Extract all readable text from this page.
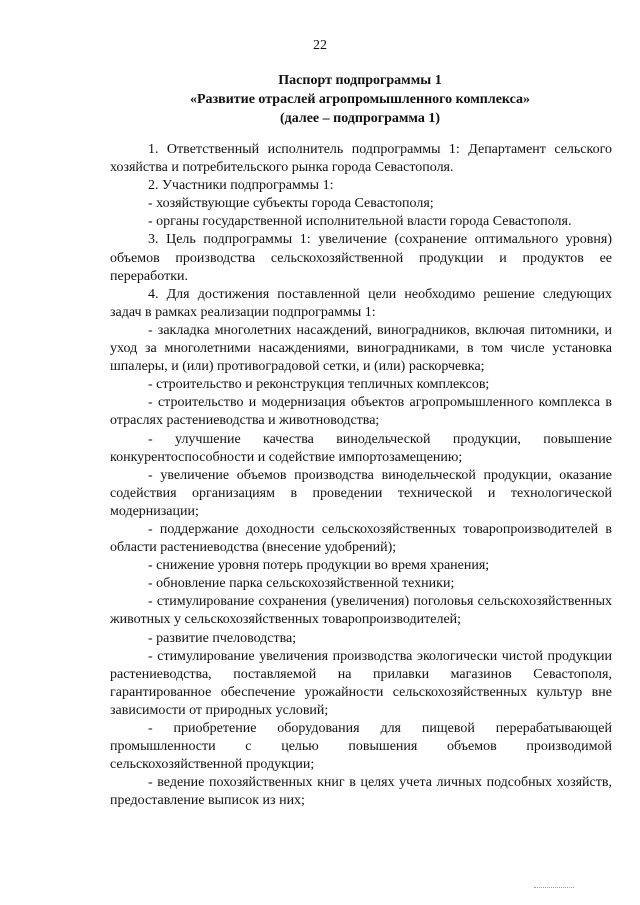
22
Паспорт подпрограммы 1
«Развитие отраслей агропромышленного комплекса»
(далее – подпрограмма 1)

1. Ответственный исполнитель подпрограммы 1: Департамент сельского хозяйства и потребительского рынка города Севастополя.

2. Участники подпрограммы 1:

- хозяйствующие субъекты города Севастополя;

- органы государственной исполнительной власти города Севастополя.

3. Цель подпрограммы 1: увеличение (сохранение оптимального уровня) объемов производства сельскохозяйственной продукции и продуктов ее переработки.

4. Для достижения поставленной цели необходимо решение следующих задач в рамках реализации подпрограммы 1:

- закладка многолетних насаждений, виноградников, включая питомники, и уход за многолетними насаждениями, виноградниками, в том числе установка шпалеры, и (или) противоградовой сетки, и (или) раскорчевка;

- строительство и реконструкция тепличных комплексов;

- строительство и модернизация объектов агропромышленного комплекса в отраслях растениеводства и животноводства;

- улучшение качества винодельческой продукции, повышение конкурентоспособности и содействие импортозамещению;

- увеличение объемов производства винодельческой продукции, оказание содействия организациям в проведении технической и технологической модернизации;

- поддержание доходности сельскохозяйственных товаропроизводителей в области растениеводства (внесение удобрений);

- снижение уровня потерь продукции во время хранения;

- обновление парка сельскохозяйственной техники;

- стимулирование сохранения (увеличения) поголовья сельскохозяйственных животных у сельскохозяйственных товаропроизводителей;

- развитие пчеловодства;

- стимулирование увеличения производства экологически чистой продукции растениеводства, поставляемой на прилавки магазинов Севастополя, гарантированное обеспечение урожайности сельскохозяйственных культур вне зависимости от природных условий;

- приобретение оборудования для пищевой перерабатывающей промышленности с целью повышения объемов производимой сельскохозяйственной продукции;

- ведение похозяйственных книг в целях учета личных подсобных хозяйств, предоставление выписок из них;
